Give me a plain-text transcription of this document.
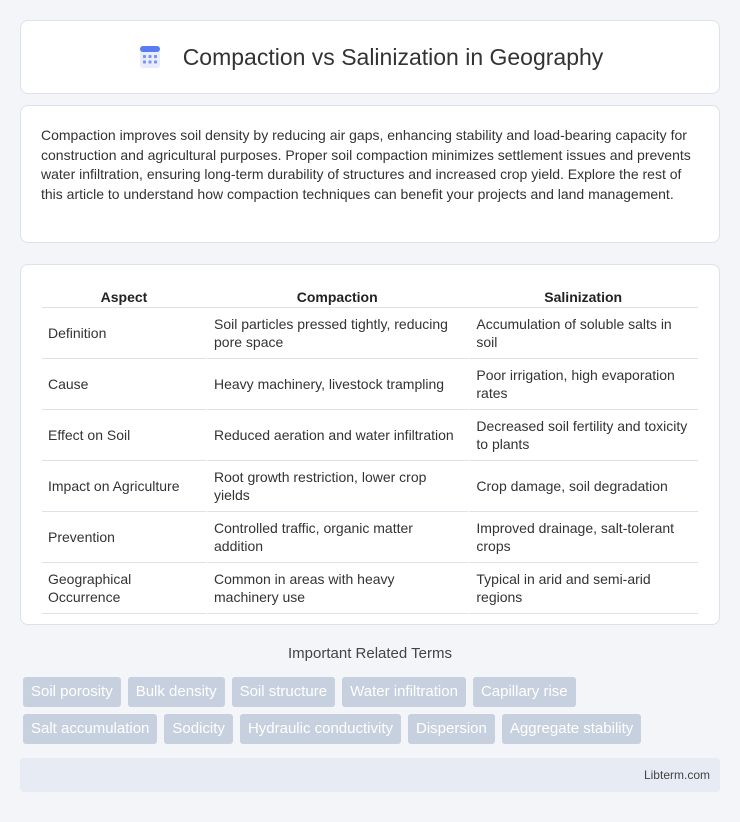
Compaction vs Salinization in Geography

Compaction improves soil density by reducing air gaps, enhancing stability and load-bearing capacity for construction and agricultural purposes. Proper soil compaction minimizes settlement issues and prevents water infiltration, ensuring long-term durability of structures and increased crop yield. Explore the rest of this article to understand how compaction techniques can benefit your projects and land management.

Aspect	Compaction	Salinization
Definition	Soil particles pressed tightly, reducing pore space	Accumulation of soluble salts in soil
Cause	Heavy machinery, livestock trampling	Poor irrigation, high evaporation rates
Effect on Soil	Reduced aeration and water infiltration	Decreased soil fertility and toxicity to plants
Impact on Agriculture	Root growth restriction, lower crop yields	Crop damage, soil degradation
Prevention	Controlled traffic, organic matter addition	Improved drainage, salt-tolerant crops
Geographical Occurrence	Common in areas with heavy machinery use	Typical in arid and semi-arid regions
Important Related Terms
Soil porosity	Bulk density	Soil structure	Water infiltration	Capillary rise
Salt accumulation	Sodicity	Hydraulic conductivity	Dispersion	Aggregate stability
Libterm.com
